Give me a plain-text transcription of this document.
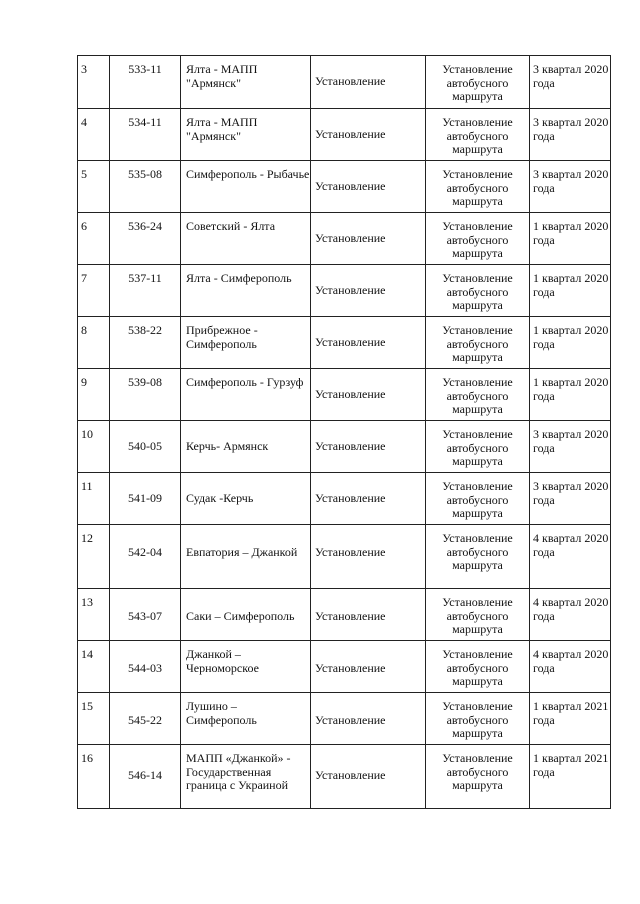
3	533-11	Ялта - МАПП "Армянск"	Установление	Установление автобусного маршрута	3 квартал 2020 года

4	534-11	Ялта - МАПП "Армянск"	Установление	Установление автобусного маршрута	3 квартал 2020 года

5	535-08	Симферополь - Рыбачье	Установление	Установление автобусного маршрута	3 квартал 2020 года

6	536-24	Советский - Ялта	Установление	Установление автобусного маршрута	1 квартал 2020 года

7	537-11	Ялта - Симферополь	Установление	Установление автобусного маршрута	1 квартал 2020 года

8	538-22	Прибрежное - Симферополь	Установление	Установление автобусного маршрута	1 квартал 2020 года

9	539-08	Симферополь - Гурзуф	Установление	Установление автобусного маршрута	1 квартал 2020 года

10	540-05	Керчь- Армянск	Установление	Установление автобусного маршрута	3 квартал 2020 года

11	541-09	Судак -Керчь	Установление	Установление автобусного маршрута	3 квартал 2020 года

12	542-04	Евпатория – Джанкой	Установление	Установление автобусного маршрута	4 квартал 2020 года

13	543-07	Саки – Симферополь	Установление	Установление автобусного маршрута	4 квартал 2020 года

14	544-03	Джанкой – Черноморское	Установление	Установление автобусного маршрута	4 квартал 2020 года

15	545-22	Лушино – Симферополь	Установление	Установление автобусного маршрута	1 квартал 2021 года

16	546-14	МАПП «Джанкой» - Государственная граница с Украиной	Установление	Установление автобусного маршрута	1 квартал 2021 года
